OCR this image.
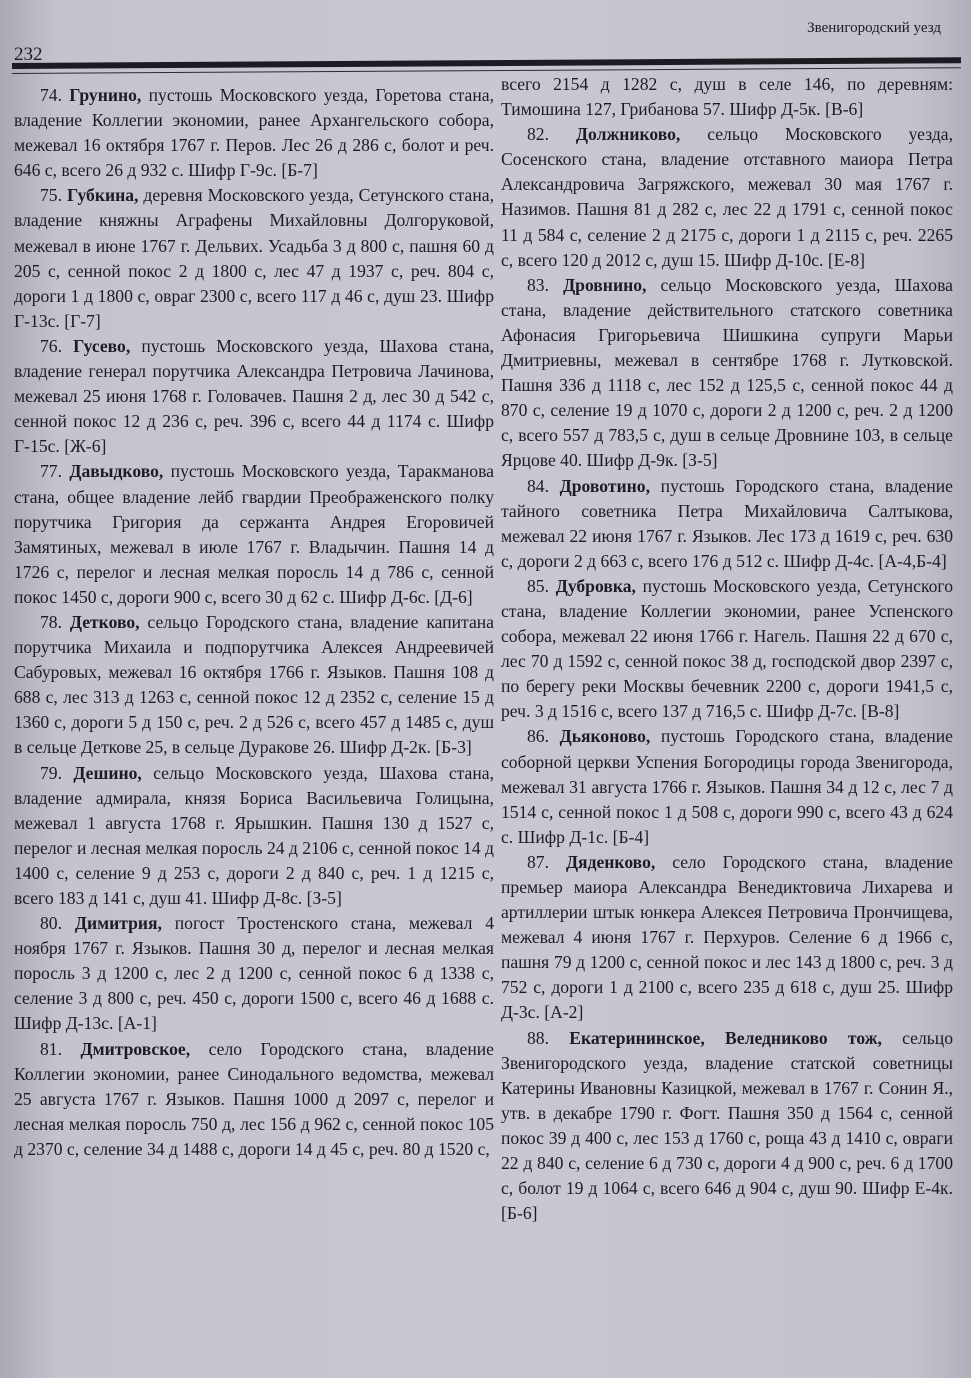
Звенигородский уезд
232

74. Грунино, пустошь Московского уезда, Горетова стана, владение Коллегии экономии, ранее Архангельского собора, межевал 16 октября 1767 г. Перов. Лес 26 д 286 с, болот и реч. 646 с, всего 26 д 932 с. Шифр Г-9с. [Б-7]

75. Губкина, деревня Московского уезда, Сетунского стана, владение княжны Аграфены Михайловны Долгоруковой, межевал в июне 1767 г. Дельвих. Усадьба 3 д 800 с, пашня 60 д 205 с, сенной покос 2 д 1800 с, лес 47 д 1937 с, реч. 804 с, дороги 1 д 1800 с, овраг 2300 с, всего 117 д 46 с, душ 23. Шифр Г-13с. [Г-7]

76. Гусево, пустошь Московского уезда, Шахова стана, владение генерал порутчика Александра Петровича Лачинова, межевал 25 июня 1768 г. Головачев. Пашня 2 д, лес 30 д 542 с, сенной покос 12 д 236 с, реч. 396 с, всего 44 д 1174 с. Шифр Г-15с. [Ж-6]

77. Давыдково, пустошь Московского уезда, Таракманова стана, общее владение лейб гвардии Преображенского полку порутчика Григория да сержанта Андрея Егоровичей Замятиных, межевал в июле 1767 г. Владычин. Пашня 14 д 1726 с, перелог и лесная мелкая поросль 14 д 786 с, сенной покос 1450 с, дороги 900 с, всего 30 д 62 с. Шифр Д-6с. [Д-6]

78. Детково, сельцо Городского стана, владение капитана порутчика Михаила и подпорутчика Алексея Андреевичей Сабуровых, межевал 16 октября 1766 г. Языков. Пашня 108 д 688 с, лес 313 д 1263 с, сенной покос 12 д 2352 с, селение 15 д 1360 с, дороги 5 д 150 с, реч. 2 д 526 с, всего 457 д 1485 с, душ в сельце Деткове 25, в сельце Дуракове 26. Шифр Д-2к. [Б-3]

79. Дешино, сельцо Московского уезда, Шахова стана, владение адмирала, князя Бориса Васильевича Голицына, межевал 1 августа 1768 г. Ярышкин. Пашня 130 д 1527 с, перелог и лесная мелкая поросль 24 д 2106 с, сенной покос 14 д 1400 с, селение 9 д 253 с, дороги 2 д 840 с, реч. 1 д 1215 с, всего 183 д 141 с, душ 41. Шифр Д-8с. [З-5]

80. Димитрия, погост Тростенского стана, межевал 4 ноября 1767 г. Языков. Пашня 30 д, перелог и лесная мелкая поросль 3 д 1200 с, лес 2 д 1200 с, сенной покос 6 д 1338 с, селение 3 д 800 с, реч. 450 с, дороги 1500 с, всего 46 д 1688 с. Шифр Д-13с. [А-1]

81. Дмитровское, село Городского стана, владение Коллегии экономии, ранее Синодального ведомства, межевал 25 августа 1767 г. Языков. Пашня 1000 д 2097 с, перелог и лесная мелкая поросль 750 д, лес 156 д 962 с, сенной покос 105 д 2370 с, селение 34 д 1488 с, дороги 14 д 45 с, реч. 80 д 1520 с,

всего 2154 д 1282 с, душ в селе 146, по деревням: Тимошина 127, Грибанова 57. Шифр Д-5к. [В-6]

82. Должниково, сельцо Московского уезда, Сосенского стана, владение отставного маиора Петра Александровича Загряжского, межевал 30 мая 1767 г. Назимов. Пашня 81 д 282 с, лес 22 д 1791 с, сенной покос 11 д 584 с, селение 2 д 2175 с, дороги 1 д 2115 с, реч. 2265 с, всего 120 д 2012 с, душ 15. Шифр Д-10с. [Е-8]

83. Дровнино, сельцо Московского уезда, Шахова стана, владение действительного статского советника Афонасия Григорьевича Шишкина супруги Марьи Дмитриевны, межевал в сентябре 1768 г. Лутковской. Пашня 336 д 1118 с, лес 152 д 125,5 с, сенной покос 44 д 870 с, селение 19 д 1070 с, дороги 2 д 1200 с, реч. 2 д 1200 с, всего 557 д 783,5 с, душ в сельце Дровнине 103, в сельце Ярцове 40. Шифр Д-9к. [З-5]

84. Дровотино, пустошь Городского стана, владение тайного советника Петра Михайловича Салтыкова, межевал 22 июня 1767 г. Языков. Лес 173 д 1619 с, реч. 630 с, дороги 2 д 663 с, всего 176 д 512 с. Шифр Д-4с. [А-4,Б-4]

85. Дубровка, пустошь Московского уезда, Сетунского стана, владение Коллегии экономии, ранее Успенского собора, межевал 22 июня 1766 г. Нагель. Пашня 22 д 670 с, лес 70 д 1592 с, сенной покос 38 д, господской двор 2397 с, по берегу реки Москвы бечевник 2200 с, дороги 1941,5 с, реч. 3 д 1516 с, всего 137 д 716,5 с. Шифр Д-7с. [В-8]

86. Дьяконово, пустошь Городского стана, владение соборной церкви Успения Богородицы города Звенигорода, межевал 31 августа 1766 г. Языков. Пашня 34 д 12 с, лес 7 д 1514 с, сенной покос 1 д 508 с, дороги 990 с, всего 43 д 624 с. Шифр Д-1с. [Б-4]

87. Дяденково, село Городского стана, владение премьер маиора Александра Венедиктовича Лихарева и артиллерии штык юнкера Алексея Петровича Прончищева, межевал 4 июня 1767 г. Перхуров. Селение 6 д 1966 с, пашня 79 д 1200 с, сенной покос и лес 143 д 1800 с, реч. 3 д 752 с, дороги 1 д 2100 с, всего 235 д 618 с, душ 25. Шифр Д-3с. [А-2]

88. Екатерининское, Веледниково тож, сельцо Звенигородского уезда, владение статской советницы Катерины Ивановны Казицкой, межевал в 1767 г. Сонин Я., утв. в декабре 1790 г. Фогт. Пашня 350 д 1564 с, сенной покос 39 д 400 с, лес 153 д 1760 с, роща 43 д 1410 с, овраги 22 д 840 с, селение 6 д 730 с, дороги 4 д 900 с, реч. 6 д 1700 с, болот 19 д 1064 с, всего 646 д 904 с, душ 90. Шифр Е-4к. [Б-6]
